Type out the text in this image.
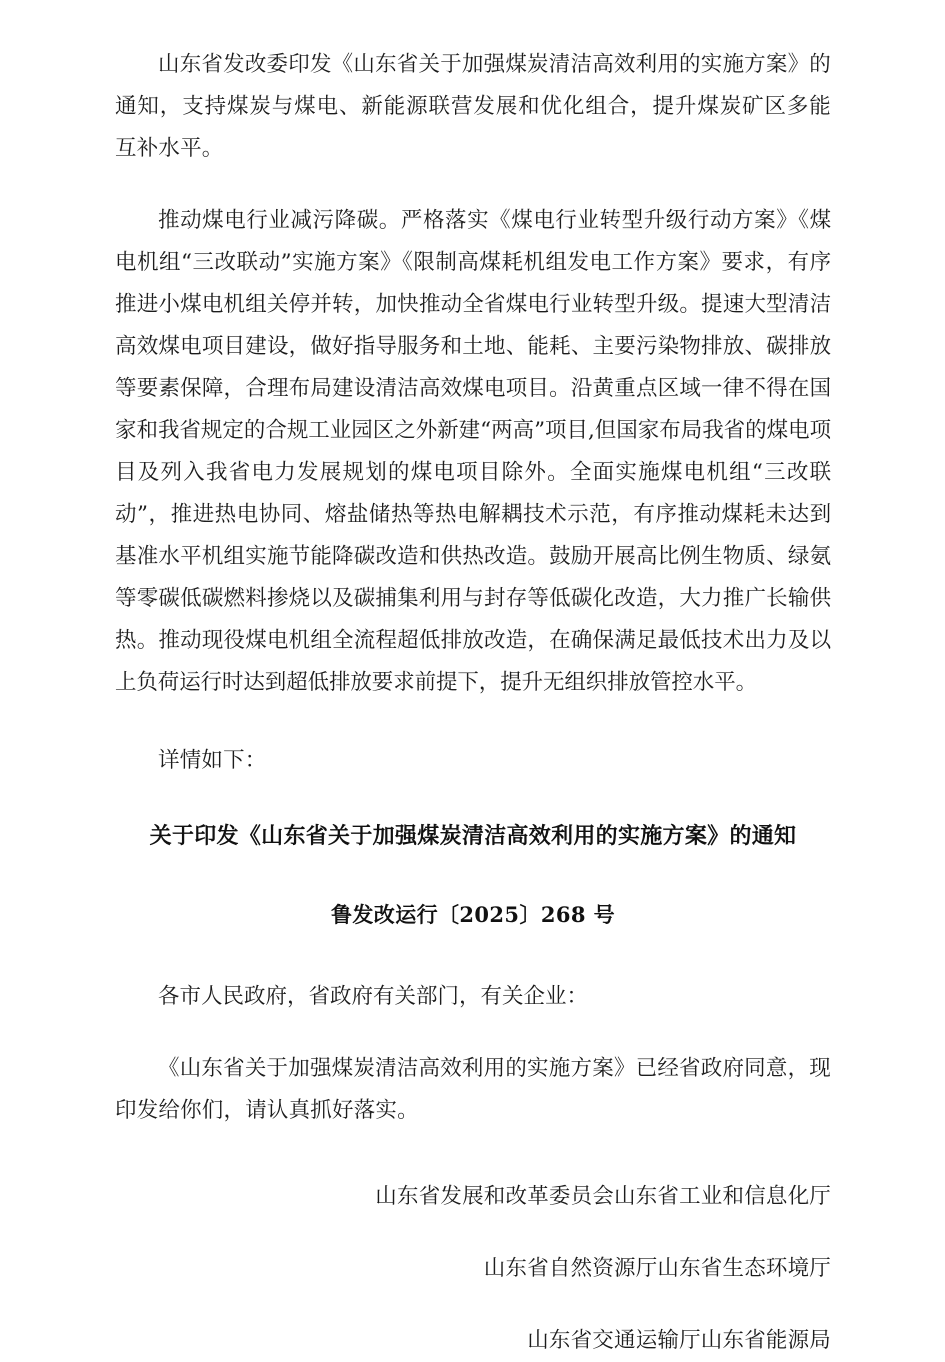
山东省发改委印发《山东省关于加强煤炭清洁高效利用的实施方案》的通知，支持煤炭与煤电、新能源联营发展和优化组合，提升煤炭矿区多能互补水平。

推动煤电行业减污降碳。严格落实《煤电行业转型升级行动方案》《煤电机组“三改联动”实施方案》《限制高煤耗机组发电工作方案》要求，有序推进小煤电机组关停并转，加快推动全省煤电行业转型升级。提速大型清洁高效煤电项目建设，做好指导服务和土地、能耗、主要污染物排放、碳排放等要素保障，合理布局建设清洁高效煤电项目。沿黄重点区域一律不得在国家和我省规定的合规工业园区之外新建“两高”项目,但国家布局我省的煤电项目及列入我省电力发展规划的煤电项目除外。全面实施煤电机组“三改联动”，推进热电协同、熔盐储热等热电解耦技术示范，有序推动煤耗未达到基准水平机组实施节能降碳改造和供热改造。鼓励开展高比例生物质、绿氨等零碳低碳燃料掺烧以及碳捕集利用与封存等低碳化改造，大力推广长输供热。推动现役煤电机组全流程超低排放改造，在确保满足最低技术出力及以上负荷运行时达到超低排放要求前提下，提升无组织排放管控水平。

详情如下：

关于印发《山东省关于加强煤炭清洁高效利用的实施方案》的通知
鲁发改运行〔2025〕268 号

各市人民政府，省政府有关部门，有关企业：

《山东省关于加强煤炭清洁高效利用的实施方案》已经省政府同意，现印发给你们，请认真抓好落实。

山东省发展和改革委员会山东省工业和信息化厅

山东省自然资源厅山东省生态环境厅

山东省交通运输厅山东省能源局
